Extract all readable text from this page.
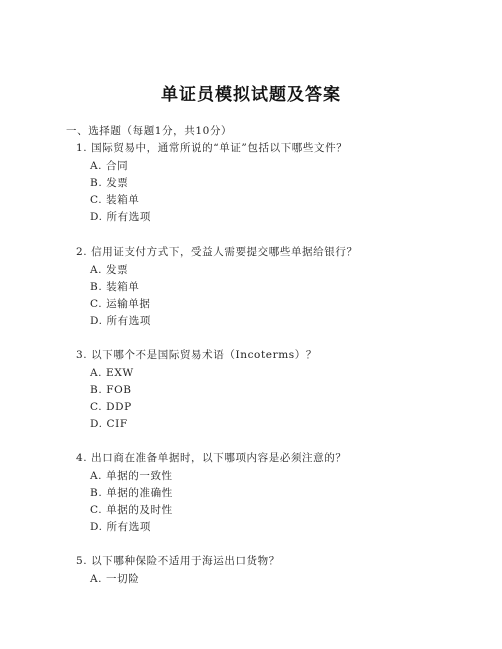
单证员模拟试题及答案
一、选择题（每题1分，共10分）
1. 国际贸易中，通常所说的“单证”包括以下哪些文件？
A. 合同
B. 发票
C. 装箱单
D. 所有选项
2. 信用证支付方式下，受益人需要提交哪些单据给银行？
A. 发票
B. 装箱单
C. 运输单据
D. 所有选项
3. 以下哪个不是国际贸易术语（Incoterms）？
A. EXW
B. FOB
C. DDP
D. CIF
4. 出口商在准备单据时，以下哪项内容是必须注意的？
A. 单据的一致性
B. 单据的准确性
C. 单据的及时性
D. 所有选项
5. 以下哪种保险不适用于海运出口货物？
A. 一切险
